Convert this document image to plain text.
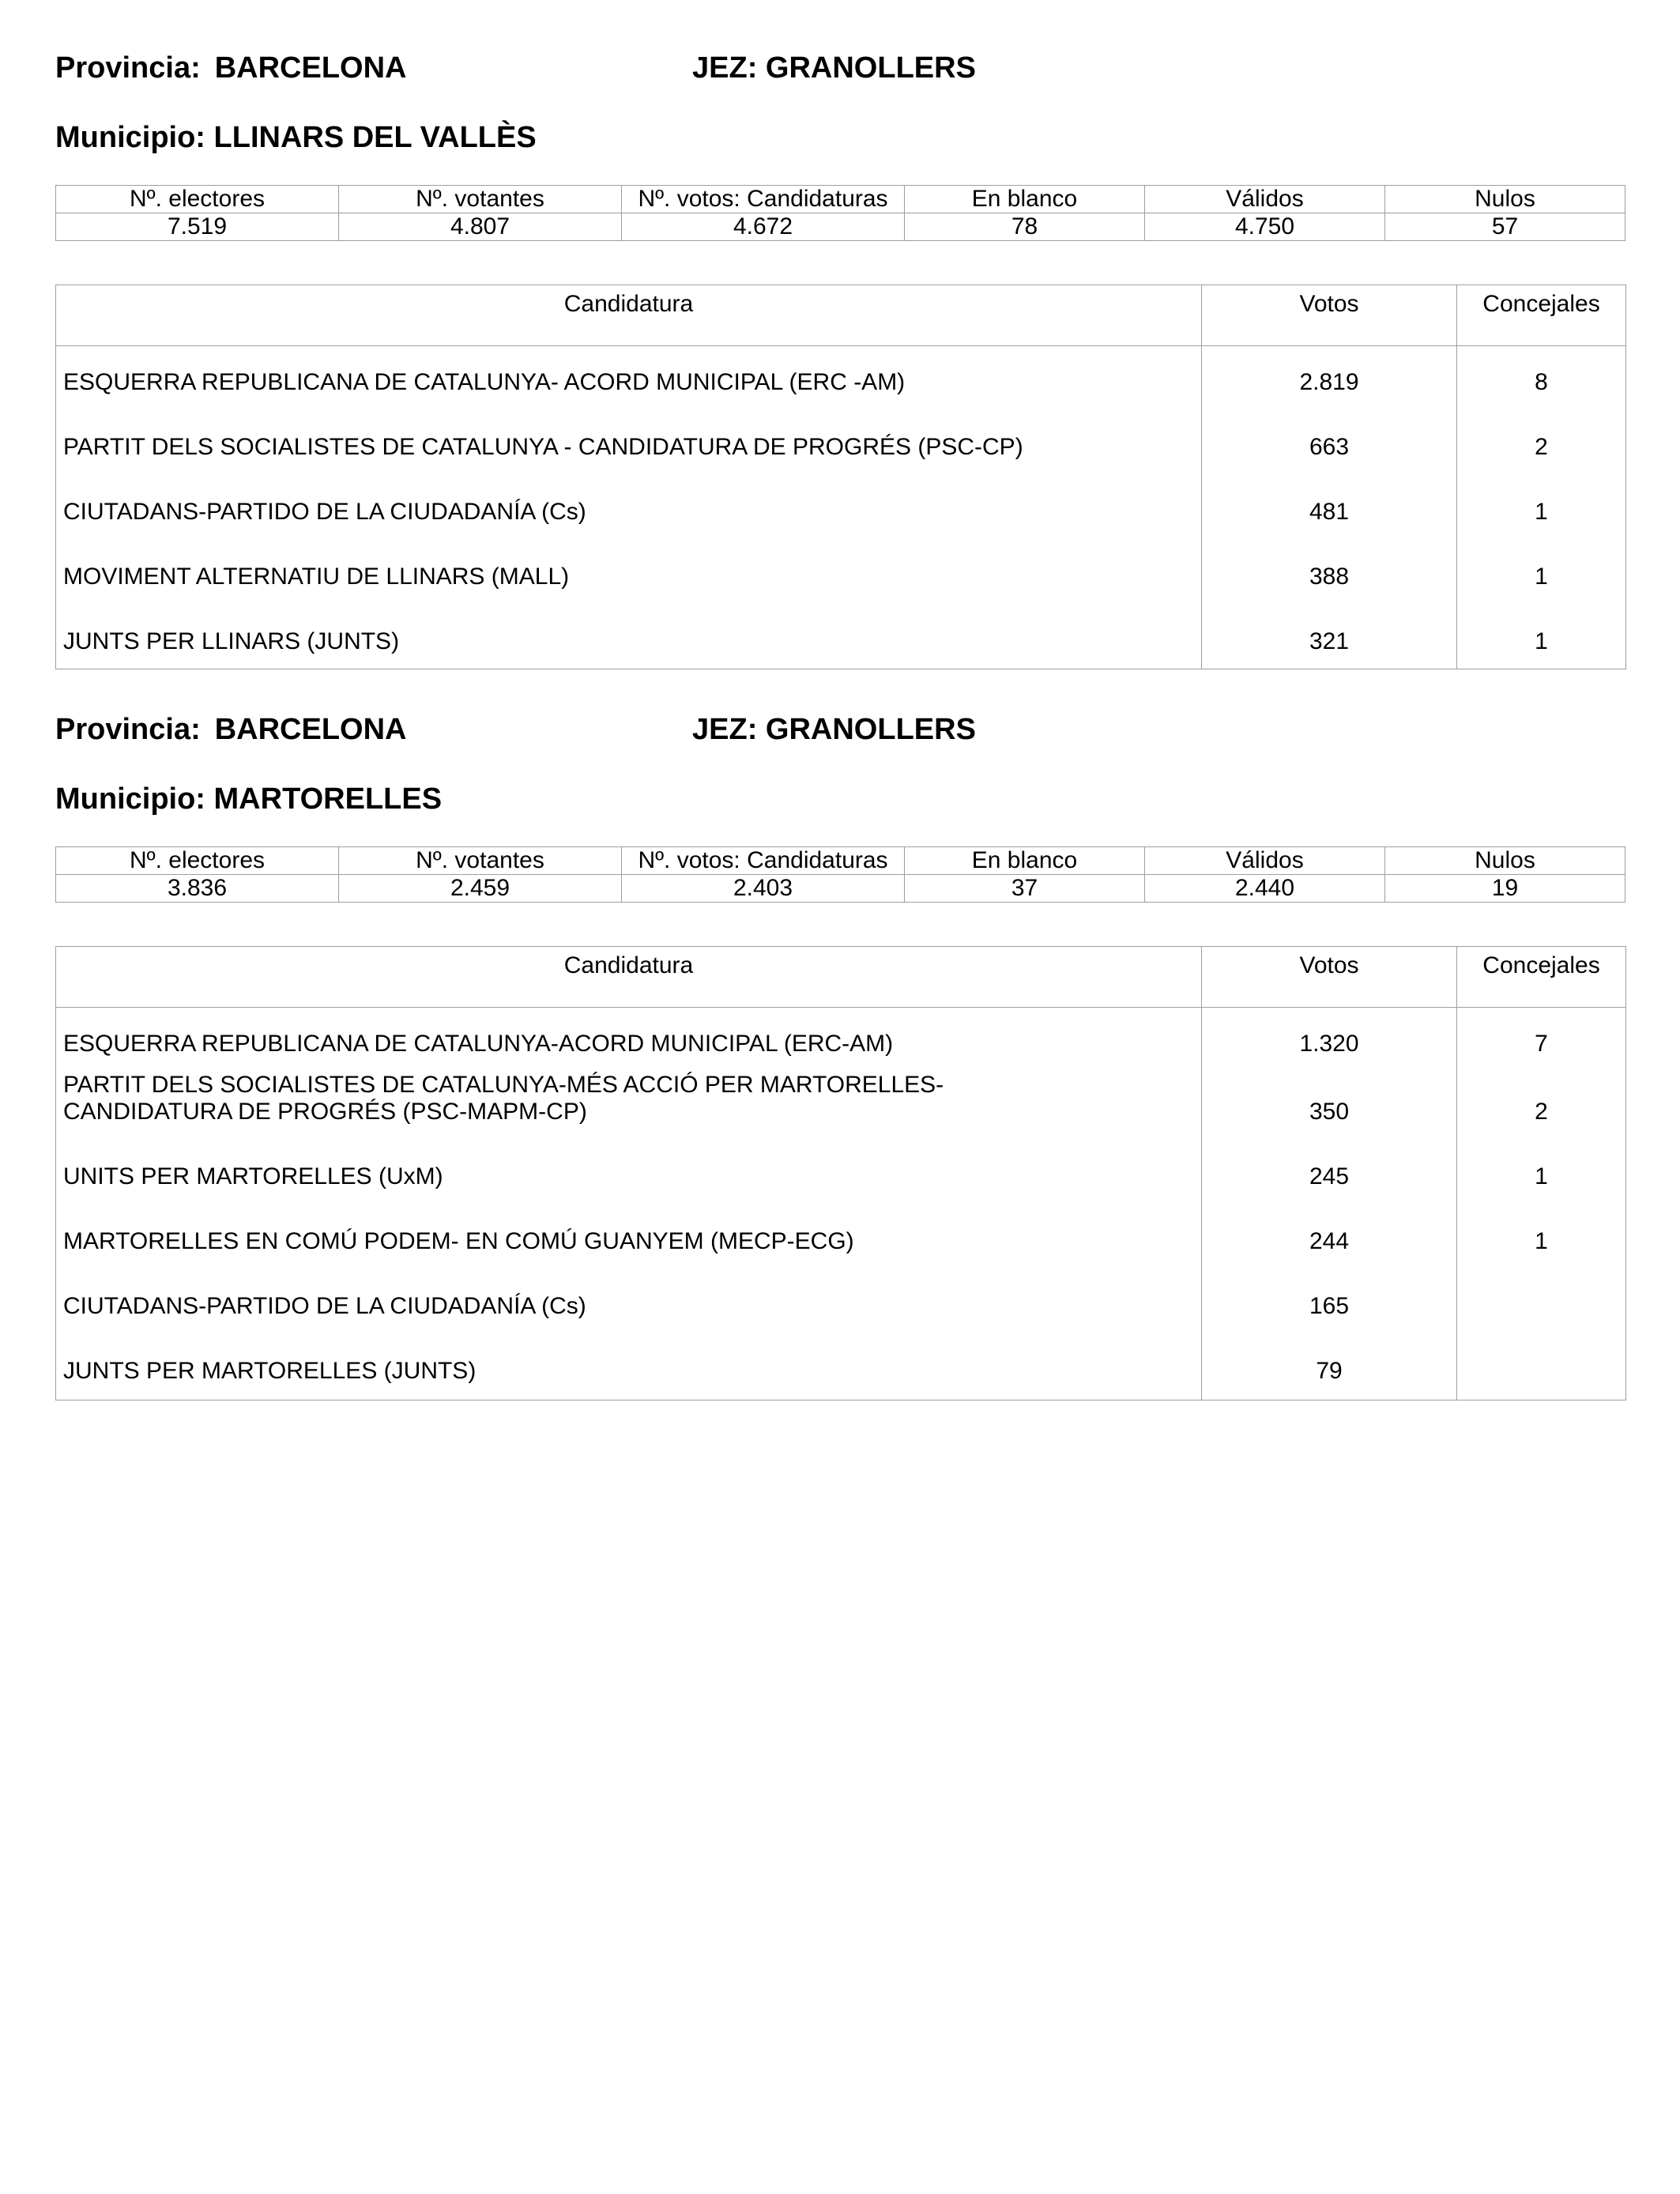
Provincia: BARCELONA	JEZ: GRANOLLERS
Municipio: LLINARS DEL VALLÈS
Nº. electores	Nº. votantes	Nº. votos: Candidaturas	En blanco	Válidos	Nulos
7.519	4.807	4.672	78	4.750	57
Candidatura	Votos	Concejales
ESQUERRA REPUBLICANA DE CATALUNYA- ACORD MUNICIPAL (ERC -AM)	2.819	8
PARTIT DELS SOCIALISTES DE CATALUNYA - CANDIDATURA DE PROGRÉS (PSC-CP)	663	2
CIUTADANS-PARTIDO DE LA CIUDADANÍA (Cs)	481	1
MOVIMENT ALTERNATIU DE LLINARS (MALL)	388	1
JUNTS PER LLINARS (JUNTS)	321	1
Provincia: BARCELONA	JEZ: GRANOLLERS
Municipio: MARTORELLES
Nº. electores	Nº. votantes	Nº. votos: Candidaturas	En blanco	Válidos	Nulos
3.836	2.459	2.403	37	2.440	19
Candidatura	Votos	Concejales
ESQUERRA REPUBLICANA DE CATALUNYA-ACORD MUNICIPAL (ERC-AM)	1.320	7
PARTIT DELS SOCIALISTES DE CATALUNYA-MÉS ACCIÓ PER MARTORELLES-CANDIDATURA DE PROGRÉS (PSC-MAPM-CP)	350	2
UNITS PER MARTORELLES (UxM)	245	1
MARTORELLES EN COMÚ PODEM- EN COMÚ GUANYEM (MECP-ECG)	244	1
CIUTADANS-PARTIDO DE LA CIUDADANÍA (Cs)	165
JUNTS PER MARTORELLES (JUNTS)	79
